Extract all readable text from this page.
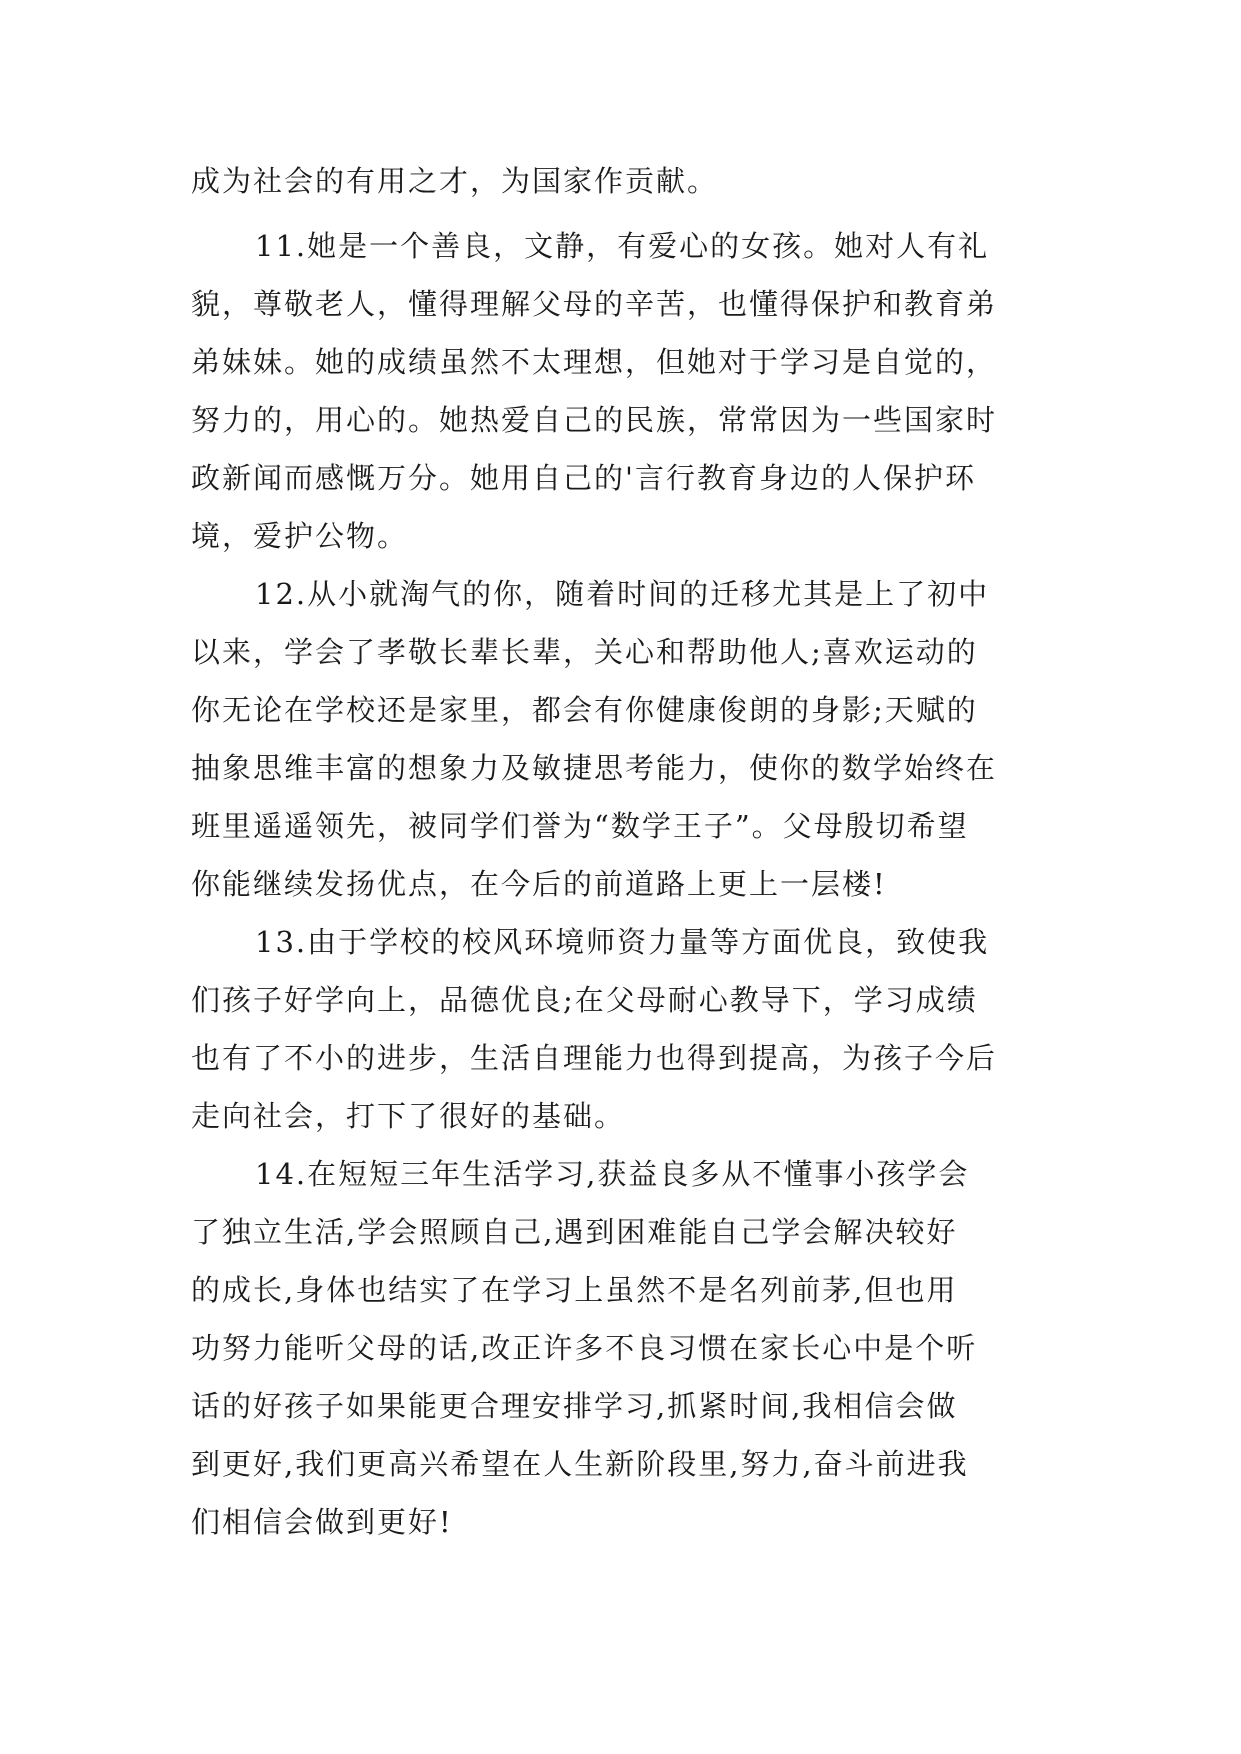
成为社会的有用之才，为国家作贡献。
11.她是一个善良，文静，有爱心的女孩。她对人有礼
貌，尊敬老人，懂得理解父母的辛苦，也懂得保护和教育弟
弟妹妹。她的成绩虽然不太理想，但她对于学习是自觉的，
努力的，用心的。她热爱自己的民族，常常因为一些国家时
政新闻而感慨万分。她用自己的'言行教育身边的人保护环
境，爱护公物。
12.从小就淘气的你，随着时间的迁移尤其是上了初中
以来，学会了孝敬长辈长辈，关心和帮助他人;喜欢运动的
你无论在学校还是家里，都会有你健康俊朗的身影;天赋的
抽象思维丰富的想象力及敏捷思考能力，使你的数学始终在
班里遥遥领先，被同学们誉为“数学王子”。父母殷切希望
你能继续发扬优点，在今后的前道路上更上一层楼!
13.由于学校的校风环境师资力量等方面优良，致使我
们孩子好学向上，品德优良;在父母耐心教导下，学习成绩
也有了不小的进步，生活自理能力也得到提高，为孩子今后
走向社会，打下了很好的基础。
14.在短短三年生活学习,获益良多从不懂事小孩学会
了独立生活,学会照顾自己,遇到困难能自己学会解决较好
的成长,身体也结实了在学习上虽然不是名列前茅,但也用
功努力能听父母的话,改正许多不良习惯在家长心中是个听
话的好孩子如果能更合理安排学习,抓紧时间,我相信会做
到更好,我们更高兴希望在人生新阶段里,努力,奋斗前进我
们相信会做到更好!
